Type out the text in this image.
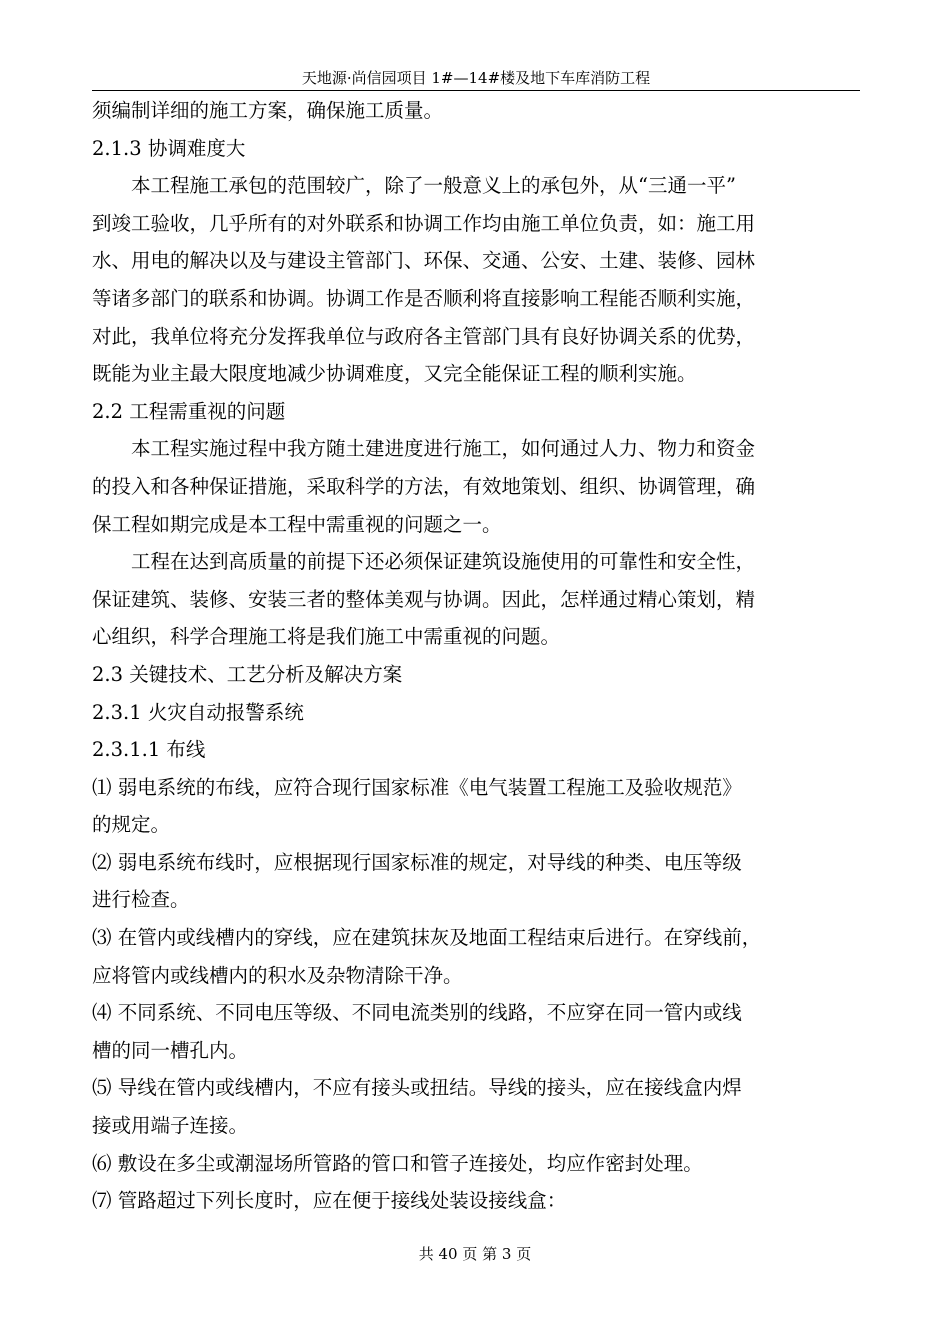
天地源·尚信园项目 1#—14#楼及地下车库消防工程
须编制详细的施工方案，确保施工质量。
2.1.3 协调难度大
本工程施工承包的范围较广，除了一般意义上的承包外，从“三通一平”
到竣工验收，几乎所有的对外联系和协调工作均由施工单位负责，如：施工用
水、用电的解决以及与建设主管部门、环保、交通、公安、土建、装修、园林
等诸多部门的联系和协调。协调工作是否顺利将直接影响工程能否顺利实施，
对此，我单位将充分发挥我单位与政府各主管部门具有良好协调关系的优势，
既能为业主最大限度地减少协调难度，又完全能保证工程的顺利实施。
2.2 工程需重视的问题
本工程实施过程中我方随土建进度进行施工，如何通过人力、物力和资金
的投入和各种保证措施，采取科学的方法，有效地策划、组织、协调管理，确
保工程如期完成是本工程中需重视的问题之一。
工程在达到高质量的前提下还必须保证建筑设施使用的可靠性和安全性，
保证建筑、装修、安装三者的整体美观与协调。因此，怎样通过精心策划，精
心组织，科学合理施工将是我们施工中需重视的问题。
2.3 关键技术、工艺分析及解决方案
2.3.1 火灾自动报警系统
2.3.1.1 布线
⑴ 弱电系统的布线，应符合现行国家标准《电气装置工程施工及验收规范》
的规定。
⑵ 弱电系统布线时，应根据现行国家标准的规定，对导线的种类、电压等级
进行检查。
⑶ 在管内或线槽内的穿线，应在建筑抹灰及地面工程结束后进行。在穿线前，
应将管内或线槽内的积水及杂物清除干净。
⑷ 不同系统、不同电压等级、不同电流类别的线路，不应穿在同一管内或线
槽的同一槽孔内。
⑸ 导线在管内或线槽内，不应有接头或扭结。导线的接头，应在接线盒内焊
接或用端子连接。
⑹ 敷设在多尘或潮湿场所管路的管口和管子连接处，均应作密封处理。
⑺ 管路超过下列长度时，应在便于接线处装设接线盒：
共 40 页 第 3 页
